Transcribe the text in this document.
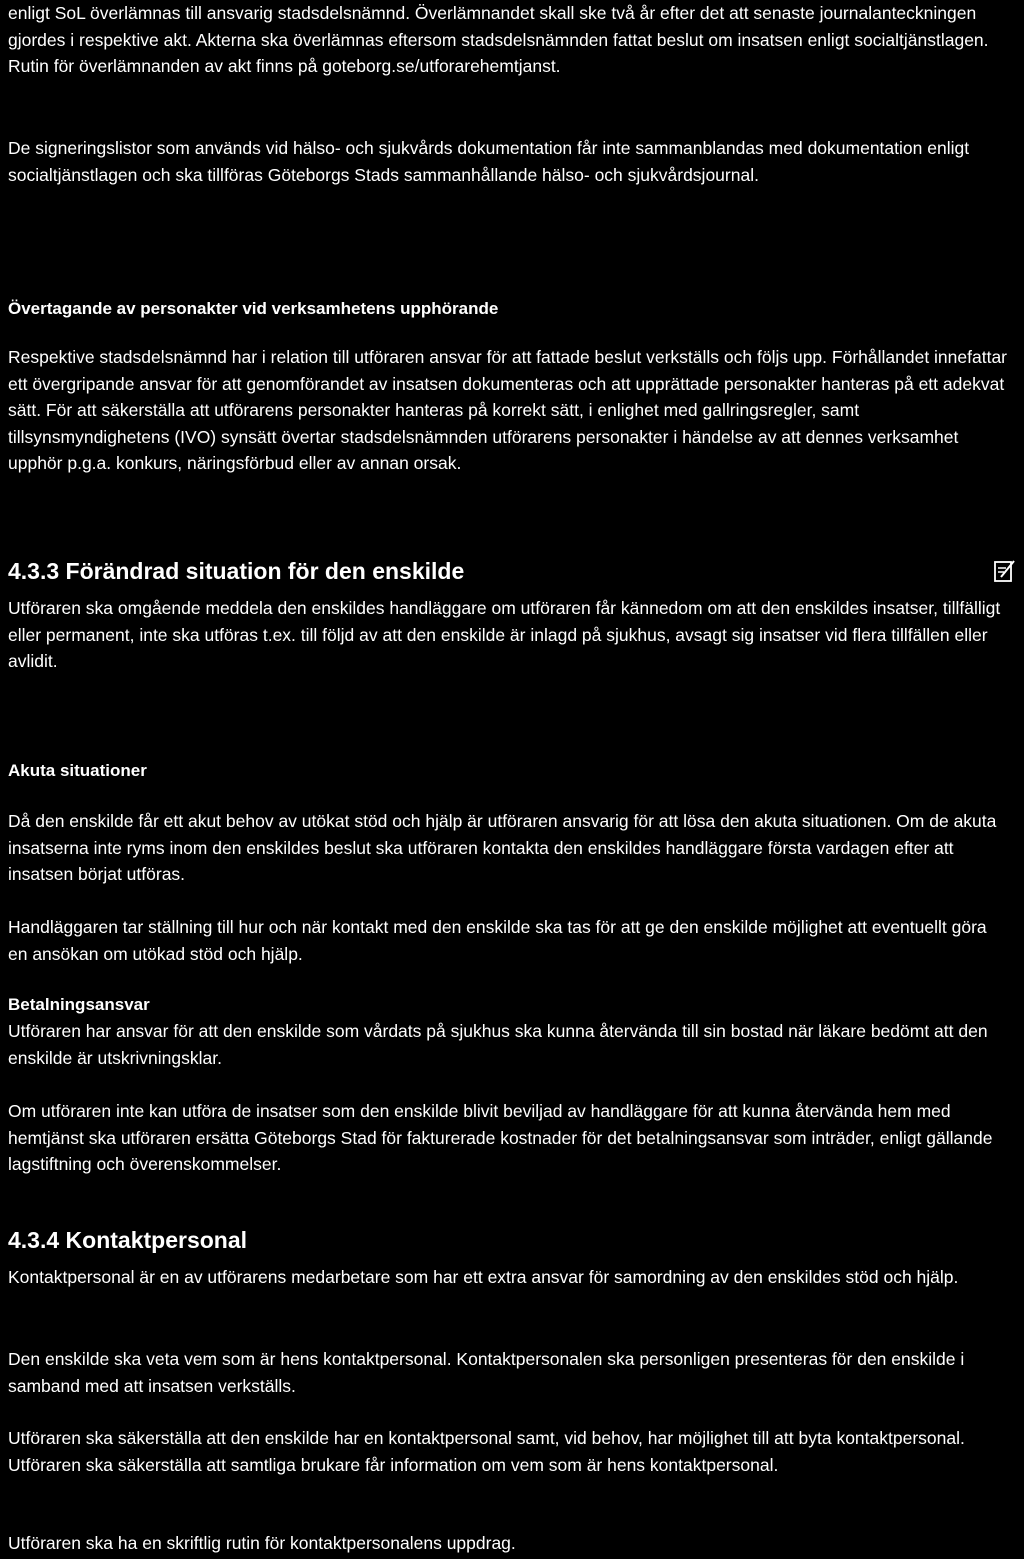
enligt SoL överlämnas till ansvarig stadsdelsnämnd. Överlämnandet skall ske två år efter det att senaste journalanteckningen gjordes i respektive akt. Akterna ska överlämnas eftersom stadsdelsnämnden fattat beslut om insatsen enligt socialtjänstlagen. Rutin för överlämnanden av akt finns på goteborg.se/utforarehemtjanst.

De signeringslistor som används vid hälso- och sjukvårds dokumentation får inte sammanblandas med dokumentation enligt socialtjänstlagen och ska tillföras Göteborgs Stads sammanhållande hälso- och sjukvårdsjournal.

Övertagande av personakter vid verksamhetens upphörande

Respektive stadsdelsnämnd har i relation till utföraren ansvar för att fattade beslut verkställs och följs upp. Förhållandet innefattar ett övergripande ansvar för att genomförandet av insatsen dokumenteras och att upprättade personakter hanteras på ett adekvat sätt. För att säkerställa att utförarens personakter hanteras på korrekt sätt, i enlighet med gallringsregler, samt tillsynsmyndighetens (IVO) synsätt övertar stadsdelsnämnden utförarens personakter i händelse av att dennes verksamhet upphör p.g.a. konkurs, näringsförbud eller av annan orsak.

4.3.3 Förändrad situation för den enskilde

Utföraren ska omgående meddela den enskildes handläggare om utföraren får kännedom om att den enskildes insatser, tillfälligt eller permanent, inte ska utföras t.ex. till följd av att den enskilde är inlagd på sjukhus, avsagt sig insatser vid flera tillfällen eller avlidit.

Akuta situationer

Då den enskilde får ett akut behov av utökat stöd och hjälp är utföraren ansvarig för att lösa den akuta situationen. Om de akuta insatserna inte ryms inom den enskildes beslut ska utföraren kontakta den enskildes handläggare första vardagen efter att insatsen börjat utföras.

Handläggaren tar ställning till hur och när kontakt med den enskilde ska tas för att ge den enskilde möjlighet att eventuellt göra en ansökan om utökad stöd och hjälp.

Betalningsansvar

Utföraren har ansvar för att den enskilde som vårdats på sjukhus ska kunna återvända till sin bostad när läkare bedömt att den enskilde är utskrivningsklar.

Om utföraren inte kan utföra de insatser som den enskilde blivit beviljad av handläggare för att kunna återvända hem med hemtjänst ska utföraren ersätta Göteborgs Stad för fakturerade kostnader för det betalningsansvar som inträder, enligt gällande lagstiftning och överenskommelser.

4.3.4 Kontaktpersonal

Kontaktpersonal är en av utförarens medarbetare som har ett extra ansvar för samordning av den enskildes stöd och hjälp.

Den enskilde ska veta vem som är hens kontaktpersonal. Kontaktpersonalen ska personligen presenteras för den enskilde i samband med att insatsen verkställs.

Utföraren ska säkerställa att den enskilde har en kontaktpersonal samt, vid behov, har möjlighet till att byta kontaktpersonal. Utföraren ska säkerställa att samtliga brukare får information om vem som är hens kontaktpersonal.

Utföraren ska ha en skriftlig rutin för kontaktpersonalens uppdrag.
